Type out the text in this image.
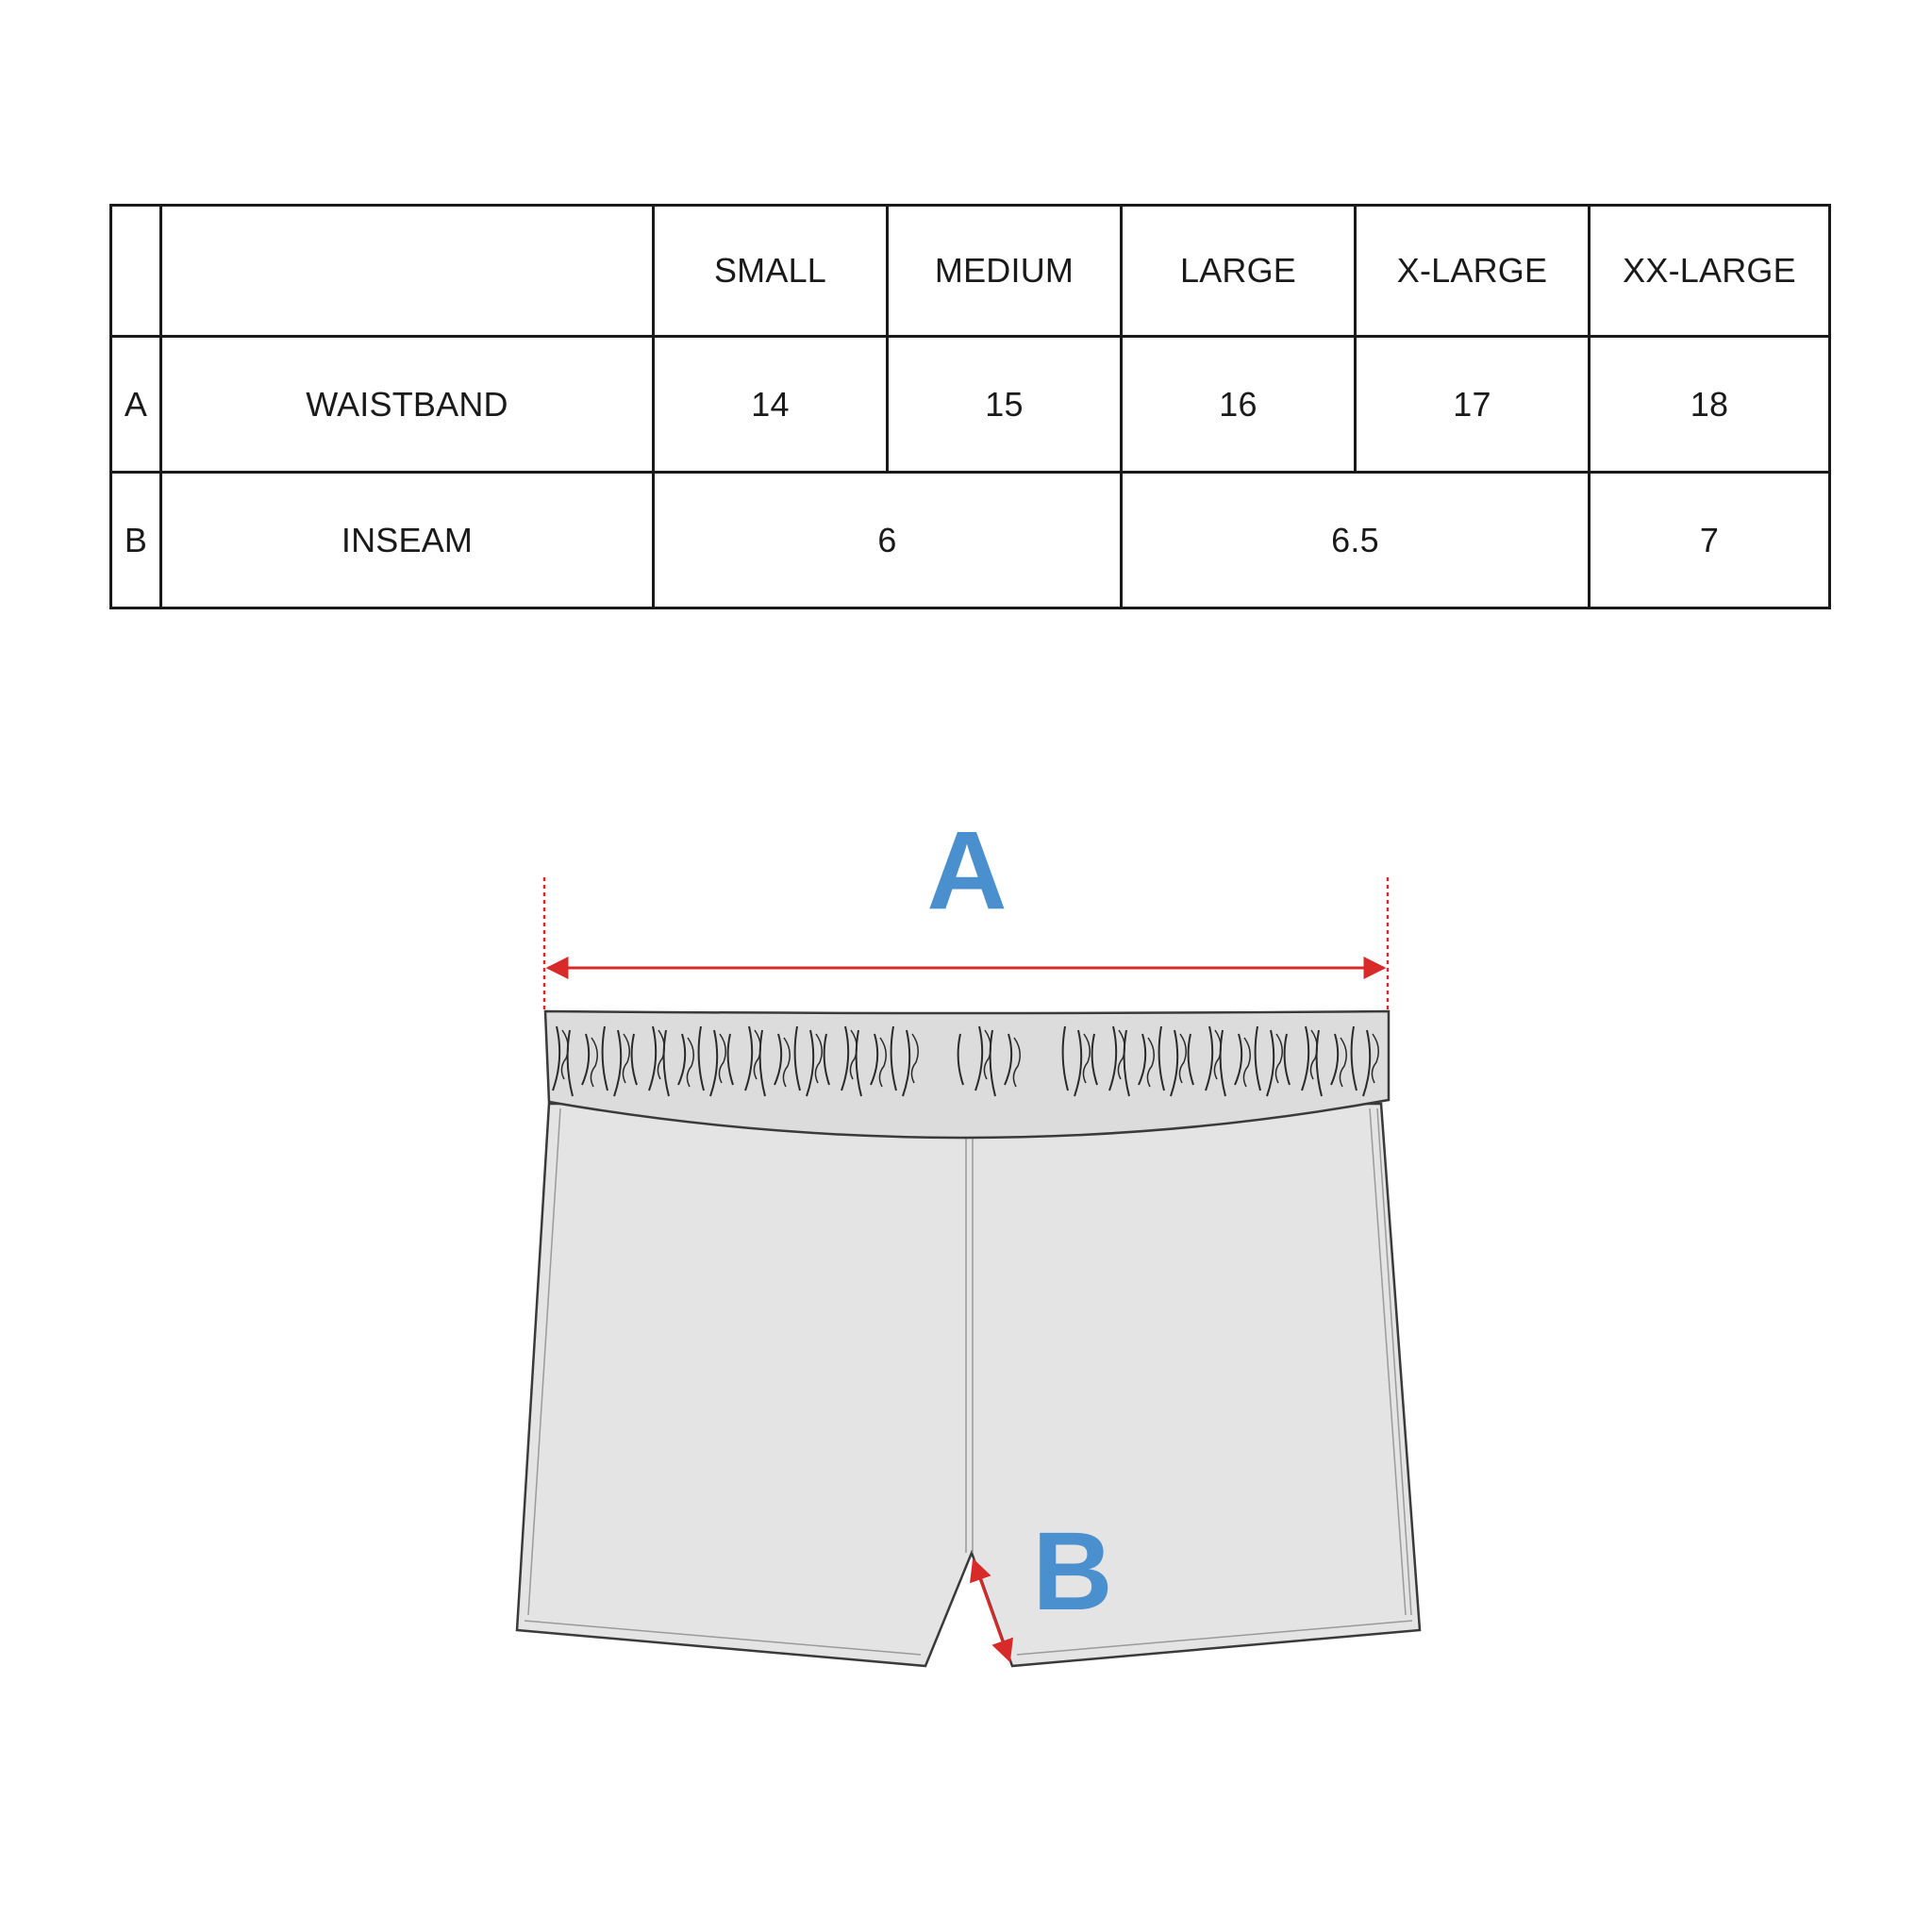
		SMALL	MEDIUM	LARGE	X-LARGE	XX-LARGE
A	WAISTBAND	14	15	16	17	18
B	INSEAM	6		6.5		7
A
B
